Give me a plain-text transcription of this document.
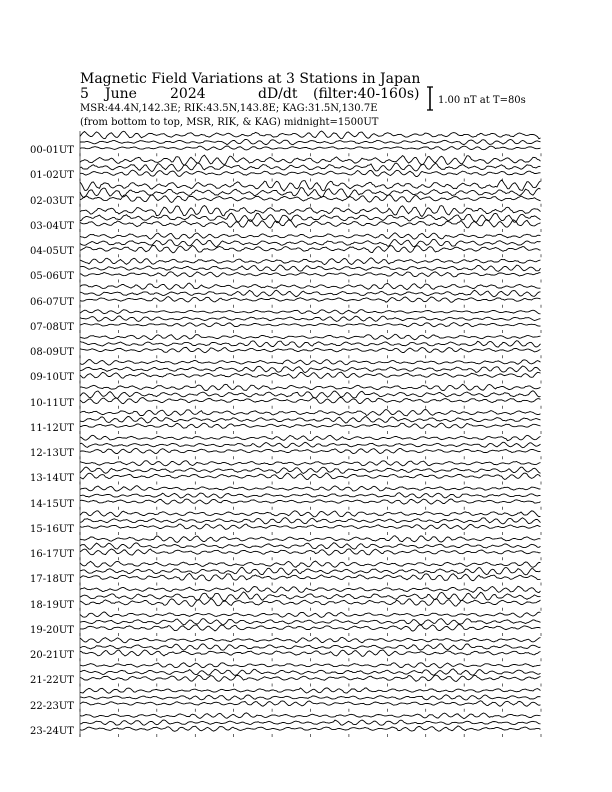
Magnetic Field Variations at 3 Stations in Japan
5 June 2024	dD/dt (filter:40-160s)
MSR:44.4N,142.3E; RIK:43.5N,143.8E; KAG:31.5N,130.7E
(from bottom to top, MSR, RIK, & KAG) midnight=1500UT
1.00 nT at T=80s
00-01UT
01-02UT
02-03UT
03-04UT
04-05UT
05-06UT
06-07UT
07-08UT
08-09UT
09-10UT
10-11UT
11-12UT
12-13UT
13-14UT
14-15UT
15-16UT
16-17UT
17-18UT
18-19UT
19-20UT
20-21UT
21-22UT
22-23UT
23-24UT
